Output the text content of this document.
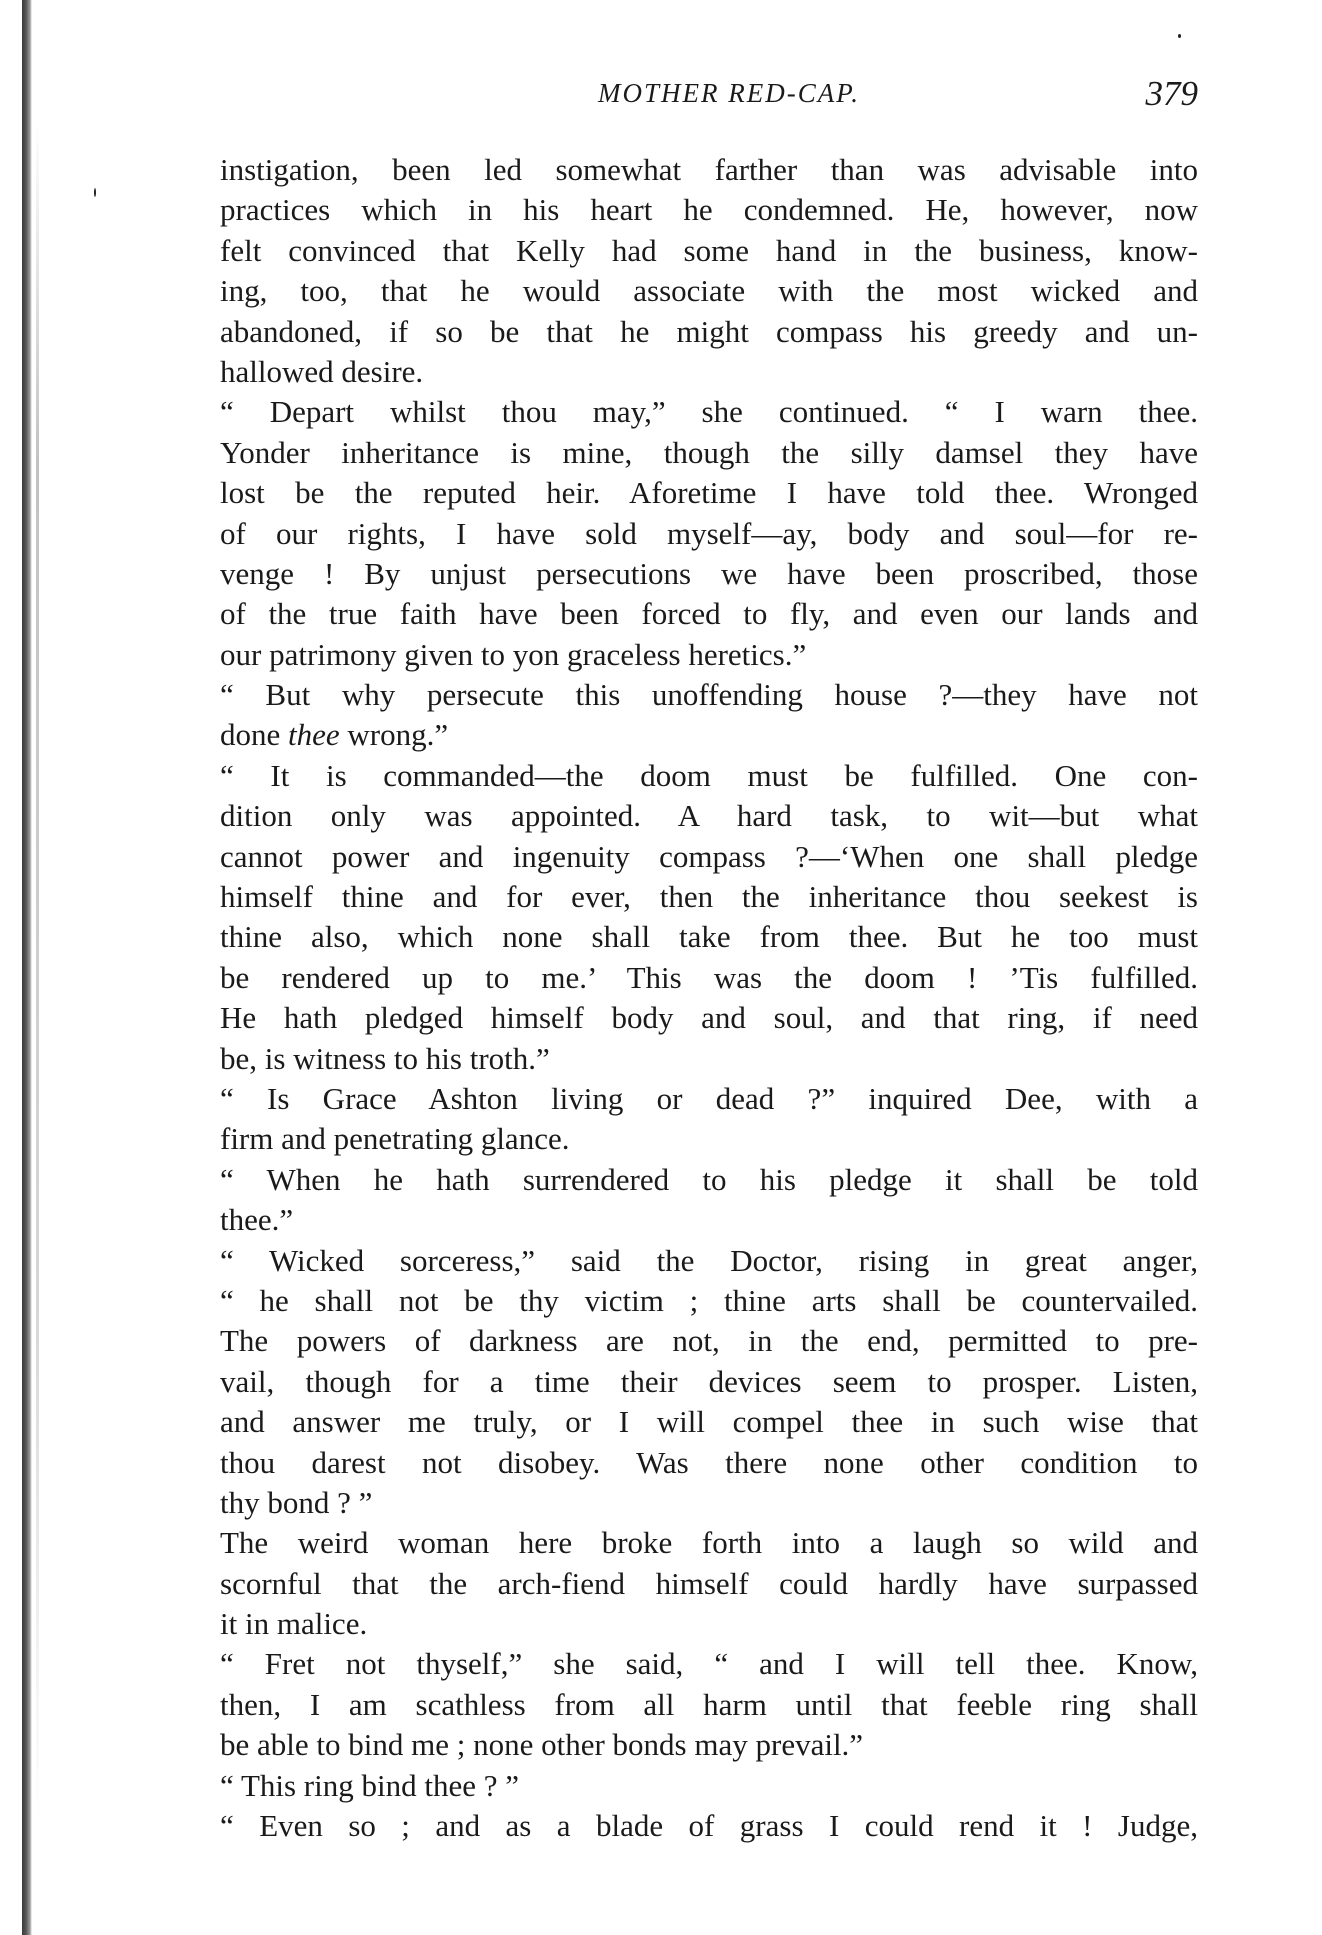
MOTHER RED-CAP.	379
instigation, been led somewhat farther than was advisable into
practices which in his heart he condemned. He, however, now
felt convinced that Kelly had some hand in the business, know-
ing, too, that he would associate with the most wicked and
abandoned, if so be that he might compass his greedy and un-
hallowed desire.
“ Depart whilst thou may,” she continued. “ I warn thee.
Yonder inheritance is mine, though the silly damsel they have
lost be the reputed heir. Aforetime I have told thee. Wronged
of our rights, I have sold myself—ay, body and soul—for re-
venge ! By unjust persecutions we have been proscribed, those
of the true faith have been forced to fly, and even our lands and
our patrimony given to yon graceless heretics.”
“ But why persecute this unoffending house ?—they have not
done thee wrong.”
“ It is commanded—the doom must be fulfilled. One con-
dition only was appointed. A hard task, to wit—but what
cannot power and ingenuity compass ?—‘When one shall pledge
himself thine and for ever, then the inheritance thou seekest is
thine also, which none shall take from thee. But he too must
be rendered up to me.’ This was the doom ! ’Tis fulfilled.
He hath pledged himself body and soul, and that ring, if need
be, is witness to his troth.”
“ Is Grace Ashton living or dead ?” inquired Dee, with a
firm and penetrating glance.
“ When he hath surrendered to his pledge it shall be told
thee.”
“ Wicked sorceress,” said the Doctor, rising in great anger,
“ he shall not be thy victim ; thine arts shall be countervailed.
The powers of darkness are not, in the end, permitted to pre-
vail, though for a time their devices seem to prosper. Listen,
and answer me truly, or I will compel thee in such wise that
thou darest not disobey. Was there none other condition to
thy bond ? ”
The weird woman here broke forth into a laugh so wild and
scornful that the arch-fiend himself could hardly have surpassed
it in malice.
“ Fret not thyself,” she said, “ and I will tell thee. Know,
then, I am scathless from all harm until that feeble ring shall
be able to bind me ; none other bonds may prevail.”
“ This ring bind thee ? ”
“ Even so ; and as a blade of grass I could rend it ! Judge,
